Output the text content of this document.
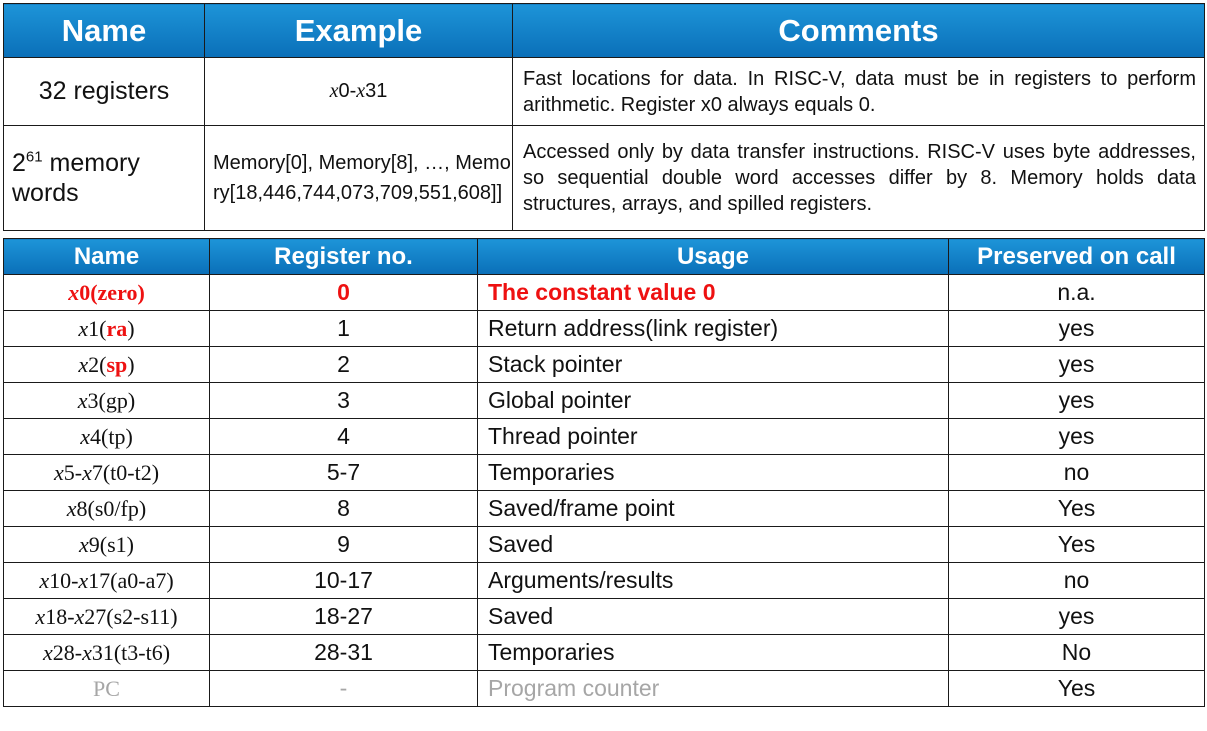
Name	Example	Comments
32 registers	x0-x31	Fast locations for data. In RISC-V, data must be in registers to perform arithmetic. Register x0 always equals 0.
$2^{61}$ memory words	Memory[0], Memory[8], …, Memory[18,446,744,073,709,551,608]]	Accessed only by data transfer instructions. RISC-V uses byte addresses, so sequential double word accesses differ by 8. Memory holds data structures, arrays, and spilled registers.
Name	Register no.	Usage	Preserved on call
x0(zero)	0	The constant value 0	n.a.
x1(ra)	1	Return address(link register)	yes
x2(sp)	2	Stack pointer	yes
x3(gp)	3	Global pointer	yes
x4(tp)	4	Thread pointer	yes
x5-x7(t0-t2)	5-7	Temporaries	no
x8(s0/fp)	8	Saved/frame point	Yes
x9(s1)	9	Saved	Yes
x10-x17(a0-a7)	10-17	Arguments/results	no
x18-x27(s2-s11)	18-27	Saved	yes
x28-x31(t3-t6)	28-31	Temporaries	No
PC	-	Program counter	Yes
